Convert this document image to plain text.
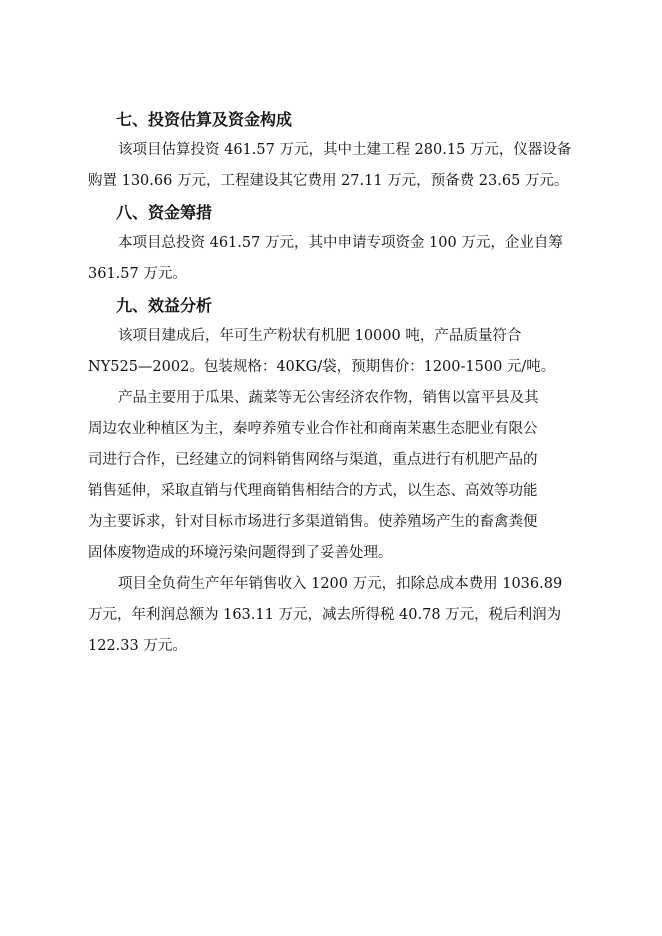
七、投资估算及资金构成

该项目估算投资 461.57 万元，其中土建工程 280.15 万元，仪器设备
购置 130.66 万元，工程建设其它费用 27.11 万元，预备费 23.65 万元。

八、资金筹措

本项目总投资 461.57 万元，其中申请专项资金 100 万元，企业自筹
361.57 万元。

九、效益分析

该项目建成后，年可生产粉状有机肥 10000 吨，产品质量符合
NY525—2002。包装规格：40KG/袋，预期售价：1200-1500 元/吨。

产品主要用于瓜果、蔬菜等无公害经济农作物，销售以富平县及其
周边农业种植区为主，秦哼养殖专业合作社和商南茉惠生态肥业有限公
司进行合作，已经建立的饲料销售网络与渠道，重点进行有机肥产品的
销售延伸，采取直销与代理商销售相结合的方式，以生态、高效等功能
为主要诉求，针对目标市场进行多渠道销售。使养殖场产生的畜禽粪便
固体废物造成的环境污染问题得到了妥善处理。

项目全负荷生产年年销售收入 1200 万元，扣除总成本费用 1036.89
万元，年利润总额为 163.11 万元，减去所得税 40.78 万元，税后利润为
122.33 万元。
